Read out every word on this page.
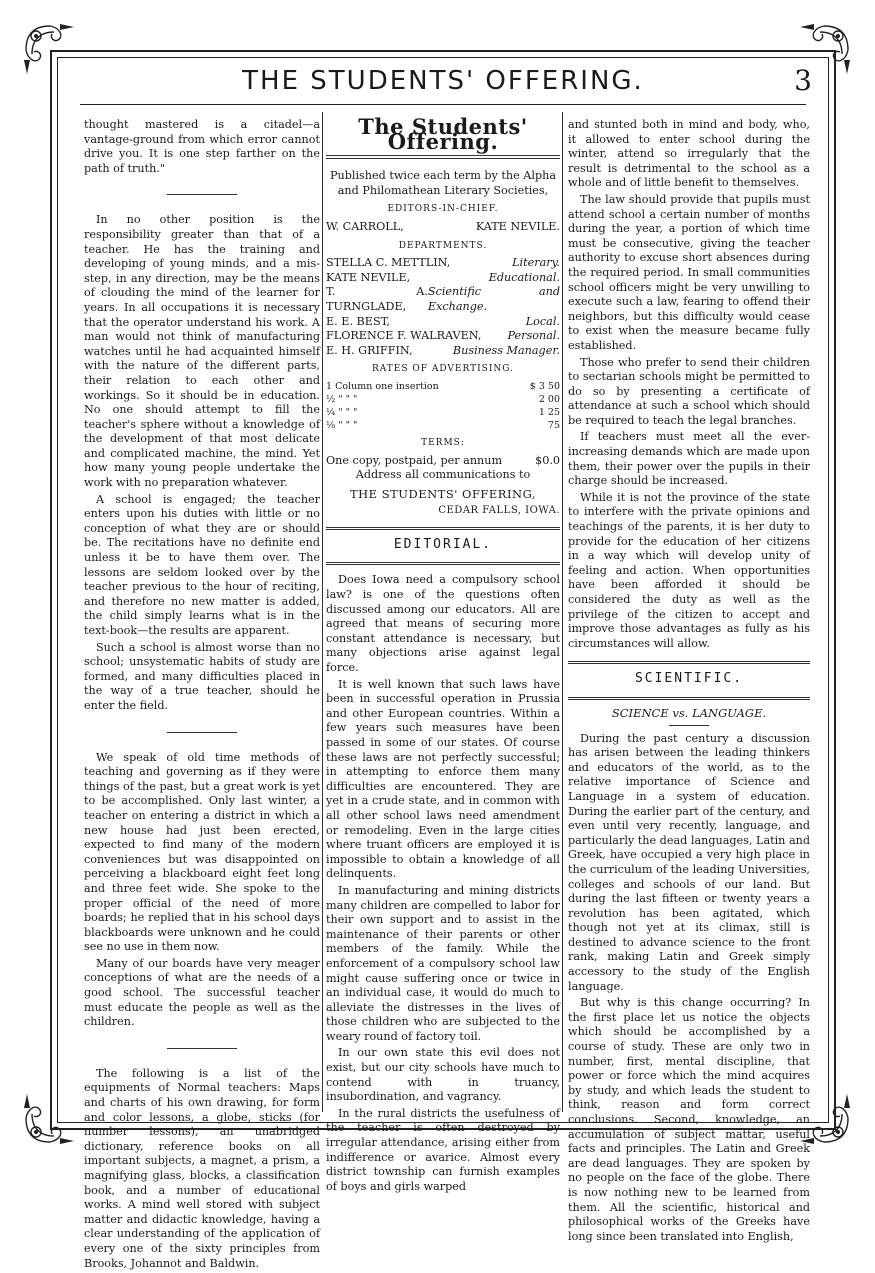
THE STUDENTS' OFFERING.	3

thought mastered is a citadel—a vantage-ground from which error cannot drive you. It is one step farther on the path of truth."

In no other position is the responsibility greater than that of a teacher. He has the training and developing of young minds, and a mis-step, in any direction, may be the means of clouding the mind of the learner for years. In all occupations it is necessary that the operator understand his work. A man would not think of manufacturing watches until he had acquainted himself with the nature of the different parts, their relation to each other and workings. So it should be in education. No one should attempt to fill the teacher's sphere without a knowledge of the development of that most delicate and complicated machine, the mind. Yet how many young people undertake the work with no preparation whatever.

A school is engaged; the teacher enters upon his duties with little or no conception of what they are or should be. The recitations have no definite end unless it be to have them over. The lessons are seldom looked over by the teacher previous to the hour of reciting, and therefore no new matter is added, the child simply learns what is in the text-book—the results are apparent.

Such a school is almost worse than no school; unsystematic habits of study are formed, and many difficulties placed in the way of a true teacher, should he enter the field.

We speak of old time methods of teaching and governing as if they were things of the past, but a great work is yet to be accomplished. Only last winter, a teacher on entering a district in which a new house had just been erected, expected to find many of the modern conveniences but was disappointed on perceiving a blackboard eight feet long and three feet wide. She spoke to the proper official of the need of more boards; he replied that in his school days blackboards were unknown and he could see no use in them now.

Many of our boards have very meager conceptions of what are the needs of a good school. The successful teacher must educate the people as well as the children.

The following is a list of the equipments of Normal teachers: Maps and charts of his own drawing, for form and color lessons, a globe, sticks (for number lessons), an unabridged dictionary, reference books on all important subjects, a magnet, a prism, a magnifying glass, blocks, a classification book, and a number of educational works. A mind well stored with subject matter and didactic knowledge, having a clear understanding of the application of every one of the sixty principles from Brooks, Johannot and Baldwin.

The Students' Offering.

Published twice each term by the Alpha and Philomathean Literary Societies,

EDITORS-IN-CHIEF.
W. CARROLL,	KATE NEVILE.
DEPARTMENTS.
STELLA C. METTLIN,	Literary.
KATE NEVILE,	Educational.
T. A. TURNGLADE,
Scientific and Exchange.
E. E. BEST,	Local.
FLORENCE F. WALRAVEN, Personal.
E. H. GRIFFIN,	Business Manager.
RATES OF ADVERTISING.
1 Column one insertion	$ 3 50
½ " " "	2 00
¼ " " "	1 25
⅛ " " "	75
TERMS:
One copy, postpaid, per annum	$0.0

Address all communications to

THE STUDENTS' OFFERING,
CEDAR FALLS, IOWA.
EDITORIAL.

Does Iowa need a compulsory school law? is one of the questions often discussed among our educators. All are agreed that means of securing more constant attendance is necessary, but many objections arise against legal force.

It is well known that such laws have been in successful operation in Prussia and other European countries. Within a few years such measures have been passed in some of our states. Of course these laws are not perfectly successful; in attempting to enforce them many difficulties are encountered. They are yet in a crude state, and in common with all other school laws need amendment or remodeling. Even in the large cities where truant officers are employed it is impossible to obtain a knowledge of all delinquents.

In manufacturing and mining districts many children are compelled to labor for their own support and to assist in the maintenance of their parents or other members of the family. While the enforcement of a compulsory school law might cause suffering once or twice in an individual case, it would do much to alleviate the distresses in the lives of those children who are subjected to the weary round of factory toil.

In our own state this evil does not exist, but our city schools have much to contend with in truancy, insubordination, and vagrancy.

In the rural districts the usefulness of the teacher is often destroyed by irregular attendance, arising either from indifference or avarice. Almost every district township can furnish examples of boys and girls warped

and stunted both in mind and body, who, it allowed to enter school during the winter, attend so irregularly that the result is detrimental to the school as a whole and of little benefit to themselves.

The law should provide that pupils must attend school a certain number of months during the year, a portion of which time must be consecutive, giving the teacher authority to excuse short absences during the required period. In small communities school officers might be very unwilling to execute such a law, fearing to offend their neighbors, but this difficulty would cease to exist when the measure became fully established.

Those who prefer to send their children to sectarian schools might be permitted to do so by presenting a certificate of attendance at such a school which should be required to teach the legal branches.

If teachers must meet all the ever-increasing demands which are made upon them, their power over the pupils in their charge should be increased.

While it is not the province of the state to interfere with the private opinions and teachings of the parents, it is her duty to provide for the education of her citizens in a way which will develop unity of feeling and action. When opportunities have been afforded it should be considered the duty as well as the privilege of the citizen to accept and improve those advantages as fully as his circumstances will allow.

SCIENTIFIC.
SCIENCE vs. LANGUAGE.

During the past century a discussion has arisen between the leading thinkers and educators of the world, as to the relative importance of Science and Language in a system of education. During the earlier part of the century, and even until very recently, language, and particularly the dead languages, Latin and Greek, have occupied a very high place in the curriculum of the leading Universities, colleges and schools of our land. But during the last fifteen or twenty years a revolution has been agitated, which though not yet at its climax, still is destined to advance science to the front rank, making Latin and Greek simply accessory to the study of the English language.

But why is this change occurring? In the first place let us notice the objects which should be accomplished by a course of study. These are only two in number, first, mental discipline, that power or force which the mind acquires by study, and which leads the student to think, reason and form correct conclusions. Second, knowledge, an accumulation of subject mattar, useful facts and principles. The Latin and Greek are dead languages. They are spoken by no people on the face of the globe. There is now nothing new to be learned from them. All the scientific, historical and philosophical works of the Greeks have long since been translated into English,
